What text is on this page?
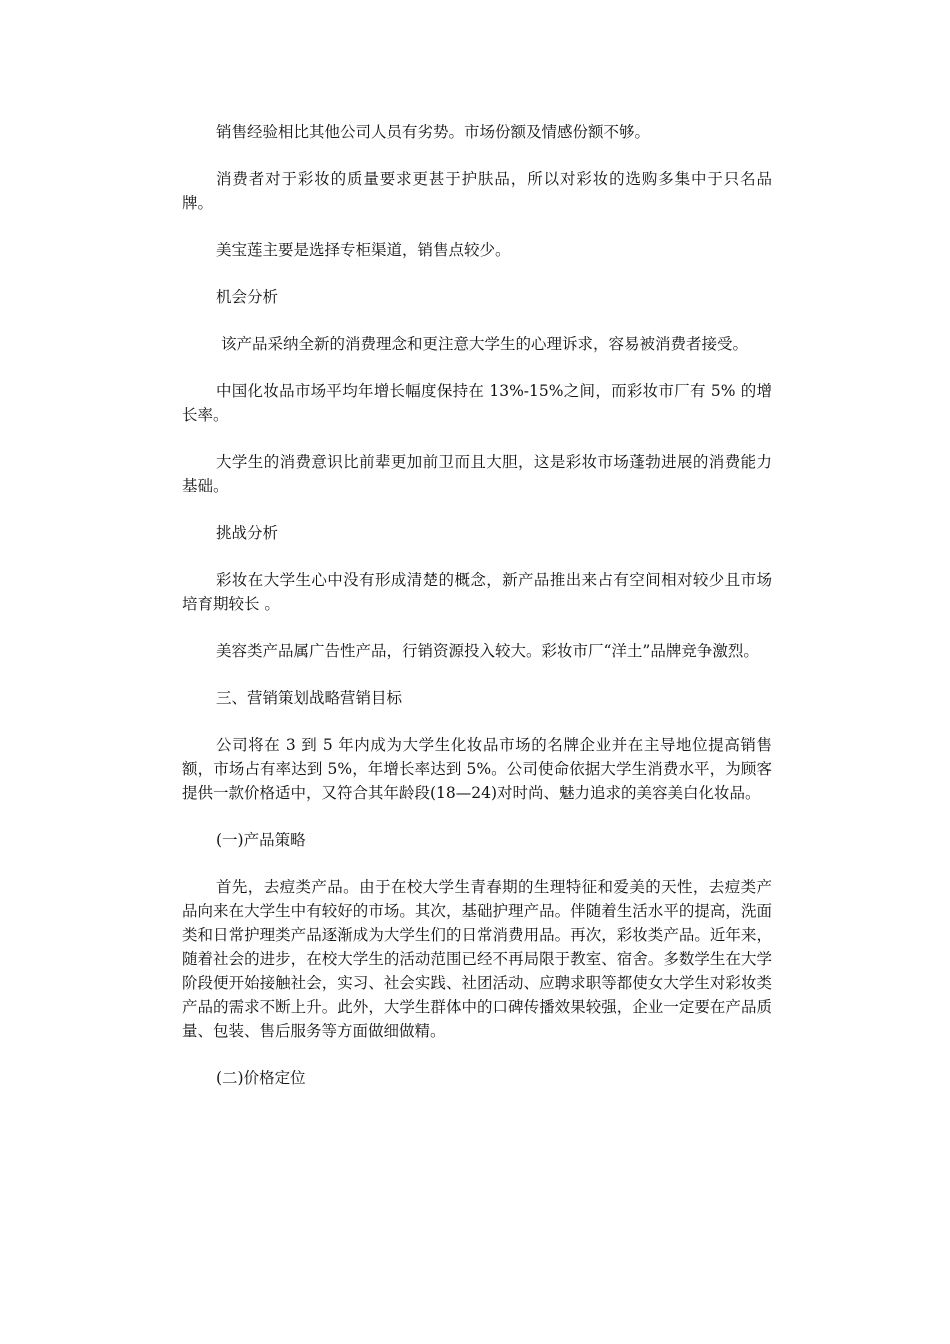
销售经验相比其他公司人员有劣势。市场份额及情感份额不够。

消费者对于彩妆的质量要求更甚于护肤品，所以对彩妆的选购多集中于只名品牌。

美宝莲主要是选择专柜渠道，销售点较少。

机会分析

该产品采纳全新的消费理念和更注意大学生的心理诉求，容易被消费者接受。

中国化妆品市场平均年增长幅度保持在 13%-15%之间，而彩妆市厂有 5% 的增长率。

大学生的消费意识比前辈更加前卫而且大胆，这是彩妆市场蓬勃进展的消费能力基础。

挑战分析

彩妆在大学生心中没有形成清楚的概念，新产品推出来占有空间相对较少且市场培育期较长 。

美容类产品属广告性产品，行销资源投入较大。彩妆市厂“洋土”品牌竞争激烈。

三、营销策划战略营销目标

公司将在 3 到 5 年内成为大学生化妆品市场的名牌企业并在主导地位提高销售额，市场占有率达到 5%，年增长率达到 5%。公司使命依据大学生消费水平，为顾客提供一款价格适中，又符合其年龄段(18—24)对时尚、魅力追求的美容美白化妆品。

(一)产品策略

首先，去痘类产品。由于在校大学生青春期的生理特征和爱美的天性，去痘类产品向来在大学生中有较好的市场。其次，基础护理产品。伴随着生活水平的提高，洗面类和日常护理类产品逐渐成为大学生们的日常消费用品。再次，彩妆类产品。近年来，随着社会的进步，在校大学生的活动范围已经不再局限于教室、宿舍。多数学生在大学阶段便开始接触社会，实习、社会实践、社团活动、应聘求职等都使女大学生对彩妆类产品的需求不断上升。此外，大学生群体中的口碑传播效果较强，企业一定要在产品质量、包装、售后服务等方面做细做精。

(二)价格定位
